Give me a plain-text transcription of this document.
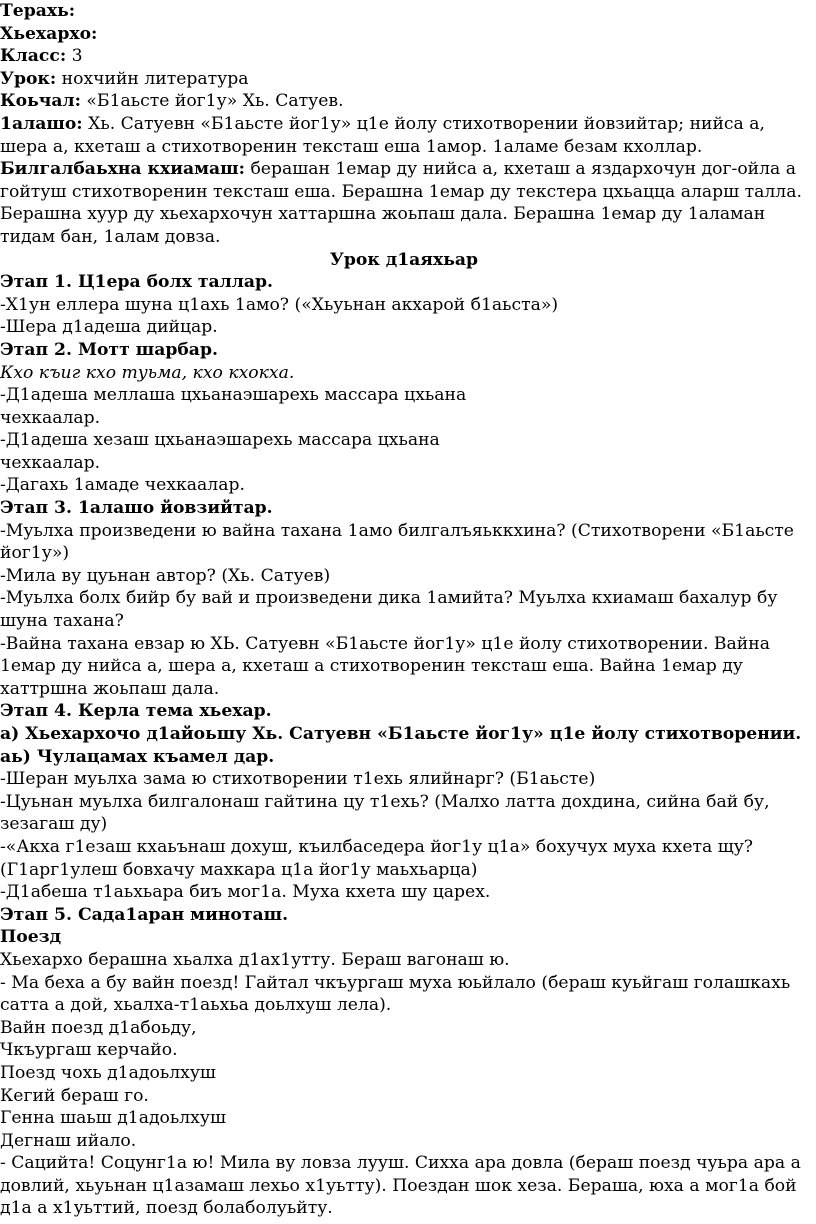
Терахь:
Хьехархо:
Класс: 3
Урок: нохчийн литература
Коьчал: «Б1аьсте йог1у» Хь. Сатуев.
1алашо: Хь. Сатуевн «Б1аьсте йог1у» ц1е йолу стихотворении йовзийтар; нийса а, шера а, кхеташ а стихотворенин тексташ еша 1амор. 1аламе безам кхоллар.
Билгалбаьхна кхиамаш: берашан 1емар ду нийса а, кхеташ а яздархочун дог-ойла а гойтуш стихотворенин тексташ еша. Берашна 1емар ду текстера цхьацца аларш талла. Берашна хуур ду хьехархочун хаттаршна жоьпаш дала. Берашна 1емар ду 1аламан тидам бан, 1алам довза.
Урок д1аяхьар
Этап 1. Ц1ера болх таллар.
-Х1ун еллера шуна ц1ахь 1амо? («Хьуьнан акхарой б1аьста»)
-Шера д1адеша дийцар.
Этап 2. Мотт шарбар.
Кхо къиг кхо туьма, кхо кхокха.
-Д1адеша меллаша цхьанаэшарехь массара цхьана
чехкаалар.
-Д1адеша хезаш цхьанаэшарехь массара цхьана
чехкаалар.
-Дагахь 1амаде чехкаалар.
Этап 3. 1алашо йовзийтар.
-Муьлха произведени ю вайна тахана 1амо билгалъяьккхина? (Стихотворени «Б1аьсте йог1у»)
-Мила ву цуьнан автор? (Хь. Сатуев)
-Муьлха болх бийр бу вай и произведени дика 1амийта? Муьлха кхиамаш бахалур бу шуна тахана?
-Вайна тахана евзар ю ХЬ. Сатуевн «Б1аьсте йог1у» ц1е йолу стихотворении. Вайна 1емар ду нийса а, шера а, кхеташ а стихотворенин тексташ еша. Вайна 1емар ду хаттршна жоьпаш дала.
Этап 4. Керла тема хьехар.
а) Хьехархочо д1айоьшу Хь. Сатуевн «Б1аьсте йог1у» ц1е йолу стихотворении.
аь) Чулацамах къамел дар.
-Шеран муьлха зама ю стихотворении т1ехь ялийнарг? (Б1аьсте)
-Цуьнан муьлха билгалонаш гайтина цу т1ехь? (Малхо латта дохдина, сийна бай бу, зезагаш ду)
-«Акха г1езаш кхаьънаш дохуш, къилбаседера йог1у ц1а» бохучух муха кхета щу? (Г1арг1улеш бовхачу махкара ц1а йог1у маьхьарца)
-Д1абеша т1аьхьара биъ мог1а. Муха кхета шу царех.
Этап 5. Сада1аран миноташ.
Поезд
Хьехархо берашна хьалха д1ах1утту. Бераш вагонаш ю.
- Ма беха а бу вайн поезд! Гайтал чкъургаш муха юьйлало (бераш куьйгаш голашкахь сатта а дой, хьалха-т1аьхьа доьлхуш лела).
Вайн поезд д1абоьду,
Чкъургаш керчайо.
Поезд чохь д1адоьлхуш
Кегий бераш го.
Генна шаьш д1адоьлхуш
Дегнаш ийало.
- Сацийта! Соцунг1а ю! Мила ву ловза лууш. Сихха ара довла (бераш поезд чуьра ара а довлий, хьуьнан ц1азамаш лехьо х1уьтту). Поездан шок хеза. Бераша, юха а мог1а бой д1а а х1уьттий, поезд болаболуьйту.
